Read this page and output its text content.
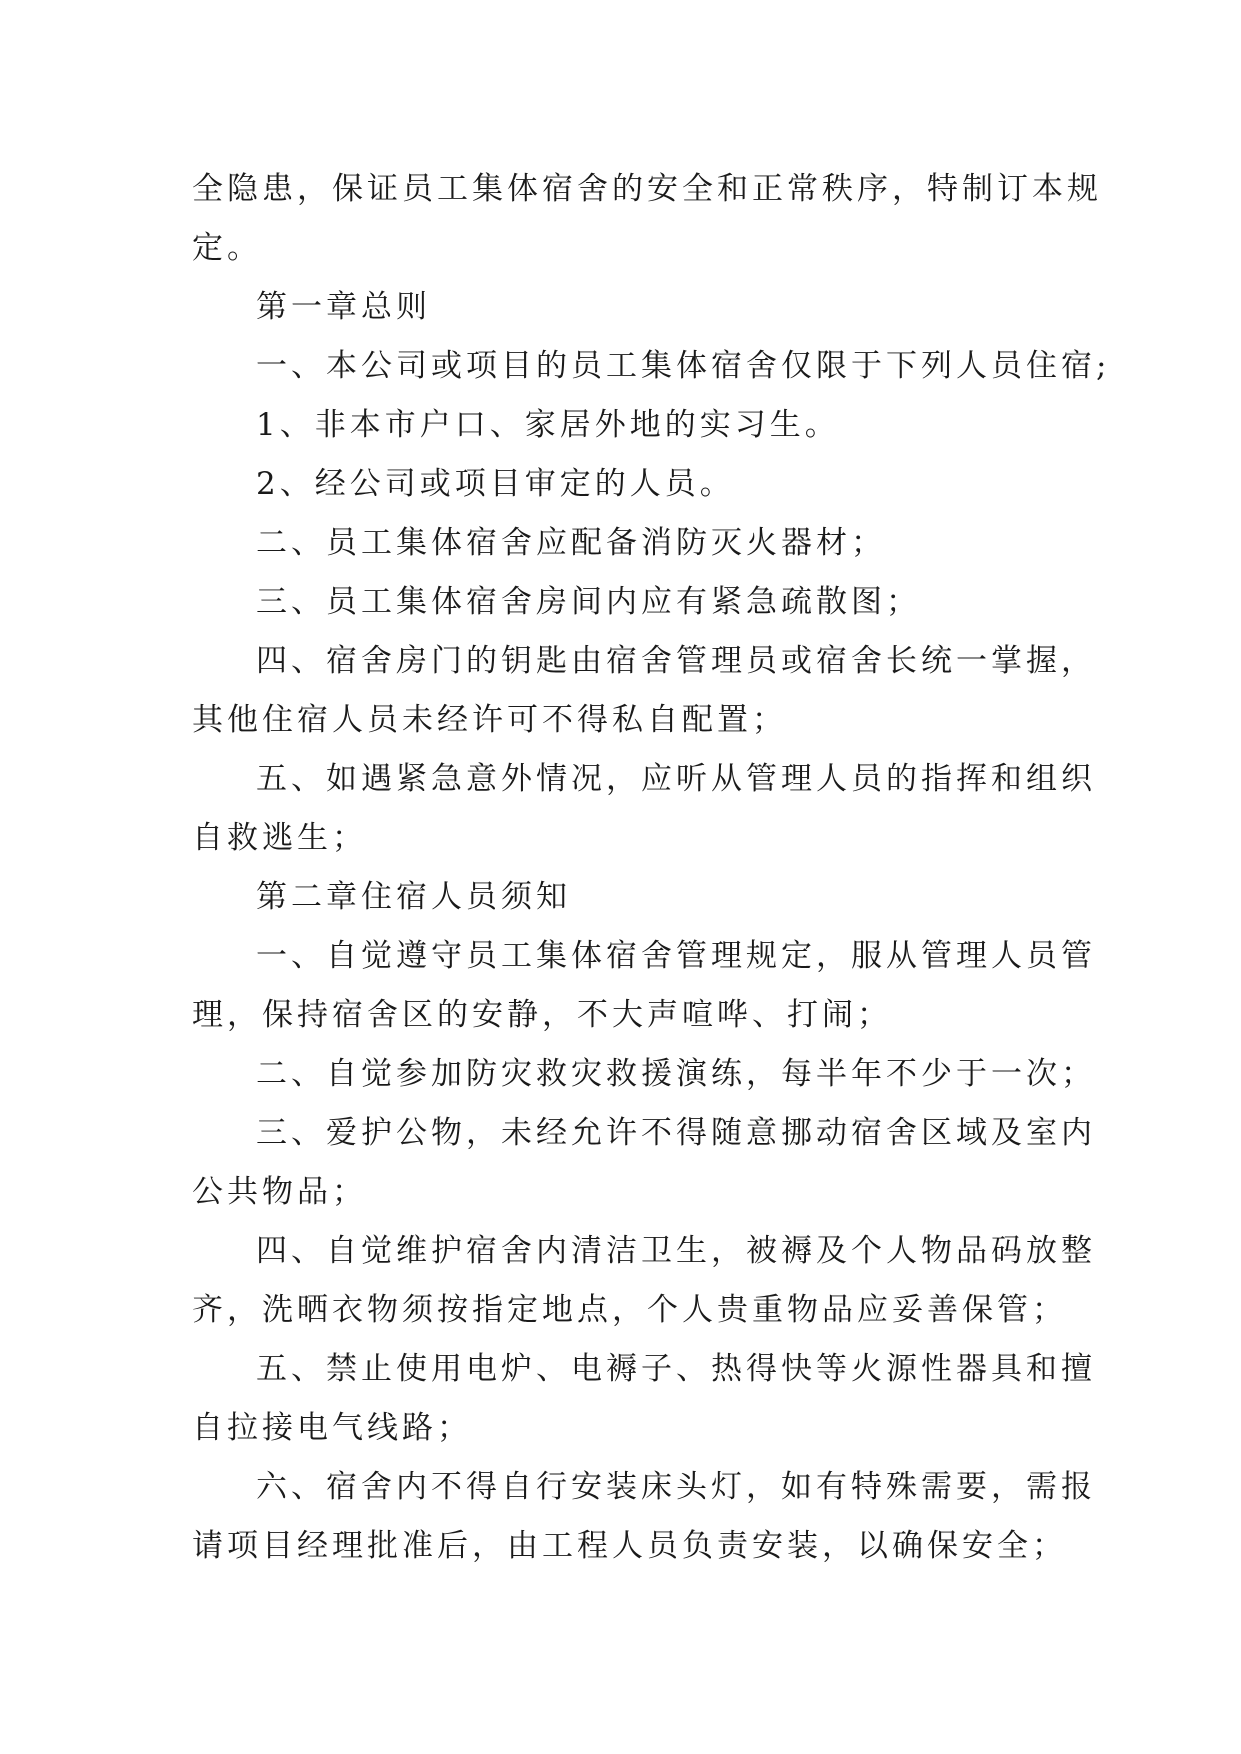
全隐患，保证员工集体宿舍的安全和正常秩序，特制订本规
定。
第一章总则
一、本公司或项目的员工集体宿舍仅限于下列人员住宿;
1、非本市户口、家居外地的实习生。
2、经公司或项目审定的人员。
二、员工集体宿舍应配备消防灭火器材；
三、员工集体宿舍房间内应有紧急疏散图；
四、宿舍房门的钥匙由宿舍管理员或宿舍长统一掌握，
其他住宿人员未经许可不得私自配置；
五、如遇紧急意外情况，应听从管理人员的指挥和组织
自救逃生；
第二章住宿人员须知
一、自觉遵守员工集体宿舍管理规定，服从管理人员管
理，保持宿舍区的安静，不大声喧哗、打闹；
二、自觉参加防灾救灾救援演练，每半年不少于一次；
三、爱护公物，未经允许不得随意挪动宿舍区域及室内
公共物品；
四、自觉维护宿舍内清洁卫生，被褥及个人物品码放整
齐，洗晒衣物须按指定地点，个人贵重物品应妥善保管；
五、禁止使用电炉、电褥子、热得快等火源性器具和擅
自拉接电气线路；
六、宿舍内不得自行安装床头灯，如有特殊需要，需报
请项目经理批准后，由工程人员负责安装，以确保安全；
